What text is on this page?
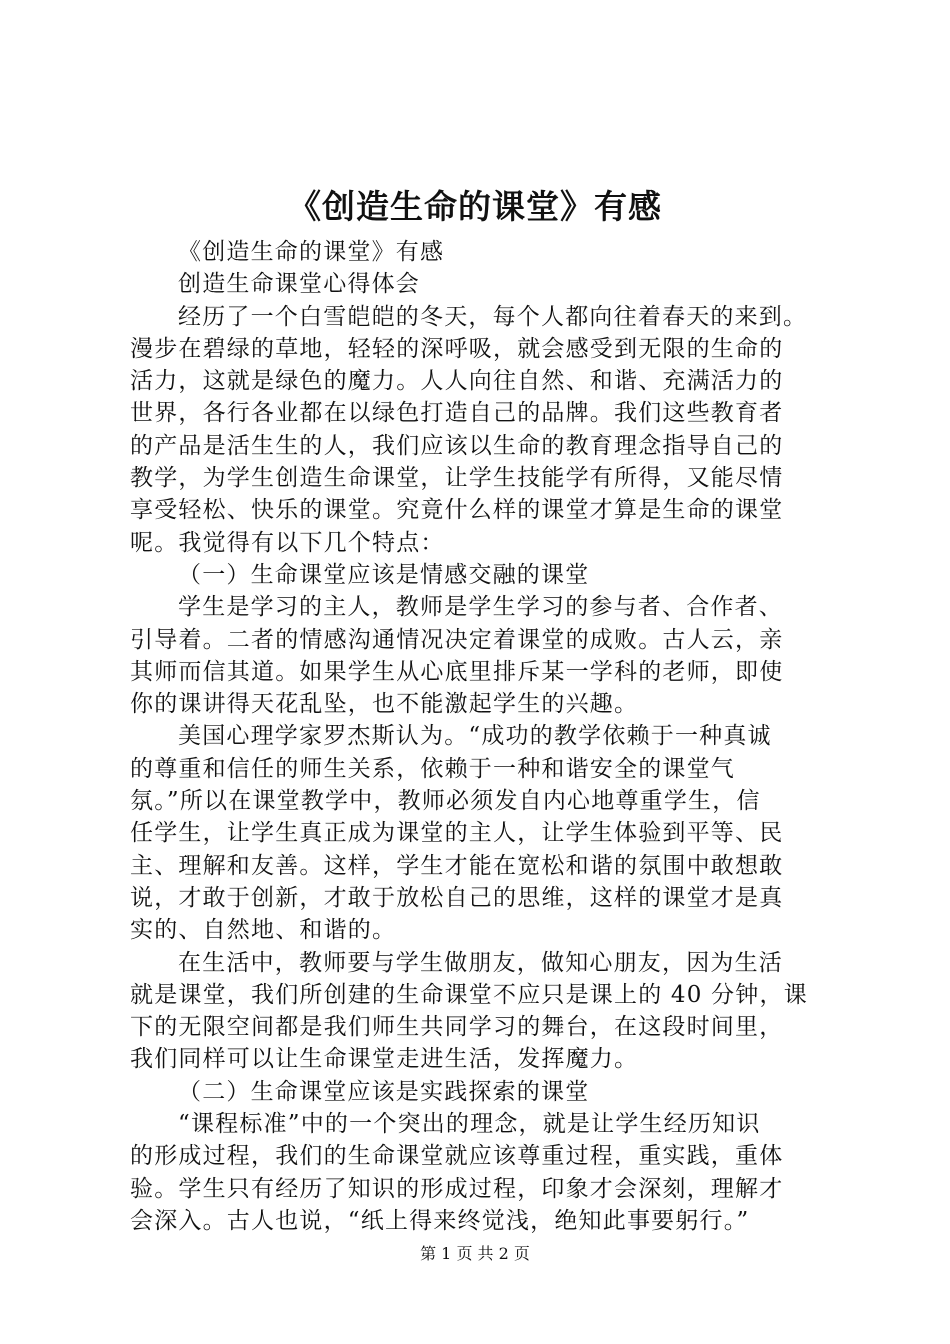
《创造生命的课堂》有感

《创造生命的课堂》有感

创造生命课堂心得体会

经历了一个白雪皑皑的冬天，每个人都向往着春天的来到。

漫步在碧绿的草地，轻轻的深呼吸，就会感受到无限的生命的

活力，这就是绿色的魔力。人人向往自然、和谐、充满活力的

世界，各行各业都在以绿色打造自己的品牌。我们这些教育者

的产品是活生生的人，我们应该以生命的教育理念指导自己的

教学，为学生创造生命课堂，让学生技能学有所得，又能尽情

享受轻松、快乐的课堂。究竟什么样的课堂才算是生命的课堂

呢。我觉得有以下几个特点：

（一）生命课堂应该是情感交融的课堂

学生是学习的主人，教师是学生学习的参与者、合作者、

引导着。二者的情感沟通情况决定着课堂的成败。古人云，亲

其师而信其道。如果学生从心底里排斥某一学科的老师，即使

你的课讲得天花乱坠，也不能激起学生的兴趣。

美国心理学家罗杰斯认为。“成功的教学依赖于一种真诚

的尊重和信任的师生关系，依赖于一种和谐安全的课堂气

氛。”所以在课堂教学中，教师必须发自内心地尊重学生，信

任学生，让学生真正成为课堂的主人，让学生体验到平等、民

主、理解和友善。这样，学生才能在宽松和谐的氛围中敢想敢

说，才敢于创新，才敢于放松自己的思维，这样的课堂才是真

实的、自然地、和谐的。

在生活中，教师要与学生做朋友，做知心朋友，因为生活

就是课堂，我们所创建的生命课堂不应只是课上的 40 分钟，课

下的无限空间都是我们师生共同学习的舞台，在这段时间里，

我们同样可以让生命课堂走进生活，发挥魔力。

（二）生命课堂应该是实践探索的课堂

“课程标准”中的一个突出的理念，就是让学生经历知识

的形成过程，我们的生命课堂就应该尊重过程，重实践，重体

验。学生只有经历了知识的形成过程，印象才会深刻，理解才

会深入。古人也说，“纸上得来终觉浅，绝知此事要躬行。”

第 1 页 共 2 页
